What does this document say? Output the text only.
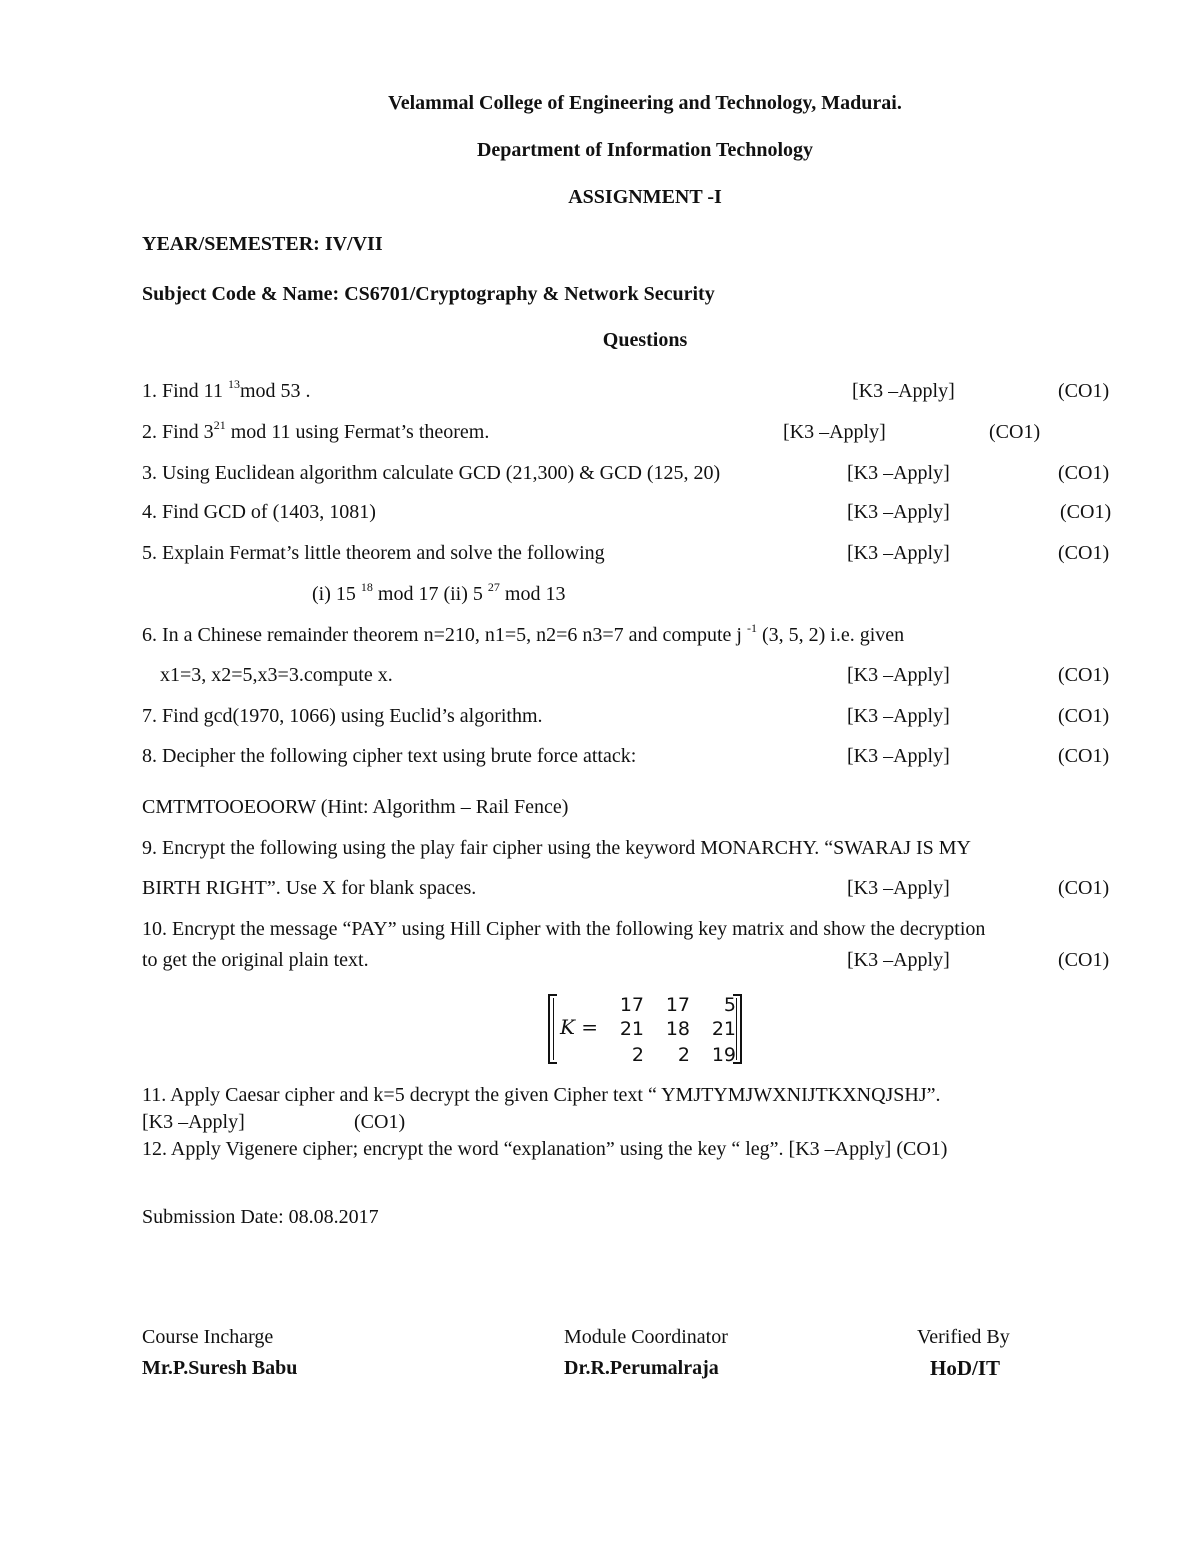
Velammal College of Engineering and Technology, Madurai.
Department of Information Technology
ASSIGNMENT -I
YEAR/SEMESTER: IV/VII
Subject Code & Name: CS6701/Cryptography & Network Security
Questions
1. Find 11 $^{13}$mod 53 .	[K3 –Apply]	(CO1)
2. Find $3^{21}$ mod 11 using Fermat’s theorem.	[K3 –Apply]	(CO1)
3. Using Euclidean algorithm calculate GCD (21,300) & GCD (125, 20)	[K3 –Apply]	(CO1)
4. Find GCD of (1403, 1081)	[K3 –Apply]	(CO1)
5. Explain Fermat’s little theorem and solve the following	[K3 –Apply]	(CO1)
(i) 15 $^{18}$ mod 17 (ii) 5 $^{27}$ mod 13
6. In a Chinese remainder theorem n=210, n1=5, n2=6 n3=7 and compute j $^{-1}$ (3, 5, 2) i.e. given
x1=3, x2=5,x3=3.compute x.	[K3 –Apply]	(CO1)
7. Find gcd(1970, 1066) using Euclid’s algorithm.	[K3 –Apply]	(CO1)
8. Decipher the following cipher text using brute force attack:	[K3 –Apply]	(CO1)
CMTMTOOEOORW (Hint: Algorithm – Rail Fence)
9. Encrypt the following using the play fair cipher using the keyword MONARCHY. “SWARAJ IS MY
BIRTH RIGHT”. Use X for blank spaces.	[K3 –Apply]	(CO1)
10. Encrypt the message “PAY” using Hill Cipher with the following key matrix and show the decryption
to get the original plain text.	[K3 –Apply]	(CO1)
K =
17	17	5
21	18	21
2	2	19
11. Apply Caesar cipher and k=5 decrypt the given Cipher text “ YMJTYMJWXNIJTKXNQJSHJ”.
[K3 –Apply]	(CO1)
12. Apply Vigenere cipher; encrypt the word “explanation” using the key “ leg”. [K3 –Apply] (CO1)
Submission Date: 08.08.2017
Course Incharge
Mr.P.Suresh Babu
Module Coordinator
Dr.R.Perumalraja
Verified By
HoD/IT
